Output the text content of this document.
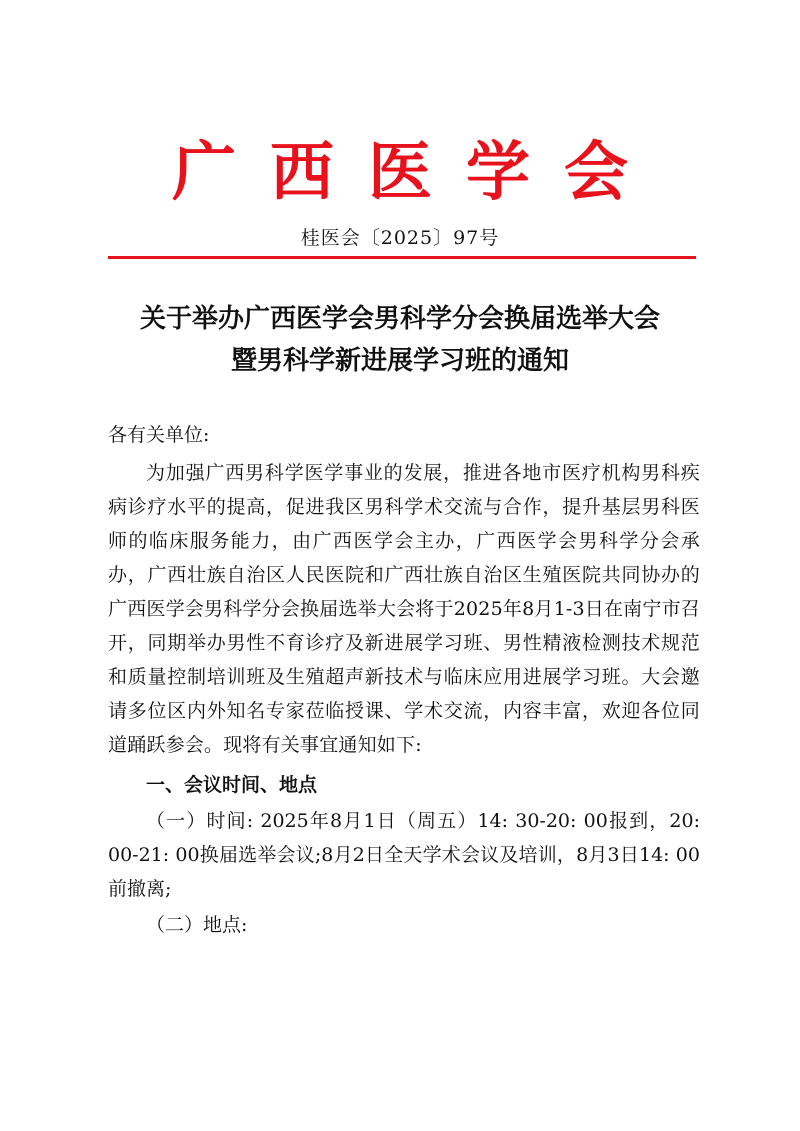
广西医学会
桂医会〔2025〕97号
关于举办广西医学会男科学分会换届选举大会
暨男科学新进展学习班的通知

各有关单位:

为加强广西男科学医学事业的发展，推进各地市医疗机构男科疾病诊疗水平的提高，促进我区男科学术交流与合作，提升基层男科医师的临床服务能力，由广西医学会主办，广西医学会男科学分会承办，广西壮族自治区人民医院和广西壮族自治区生殖医院共同协办的广西医学会男科学分会换届选举大会将于2025年8月1-3日在南宁市召开，同期举办男性不育诊疗及新进展学习班、男性精液检测技术规范和质量控制培训班及生殖超声新技术与临床应用进展学习班。大会邀请多位区内外知名专家莅临授课、学术交流，内容丰富，欢迎各位同道踊跃参会。现将有关事宜通知如下:

一、会议时间、地点

（一）时间: 2025年8月1日（周五）14: 30-20: 00报到，20: 00-21: 00换届选举会议;8月2日全天学术会议及培训，8月3日14: 00前撤离;

（二）地点:
